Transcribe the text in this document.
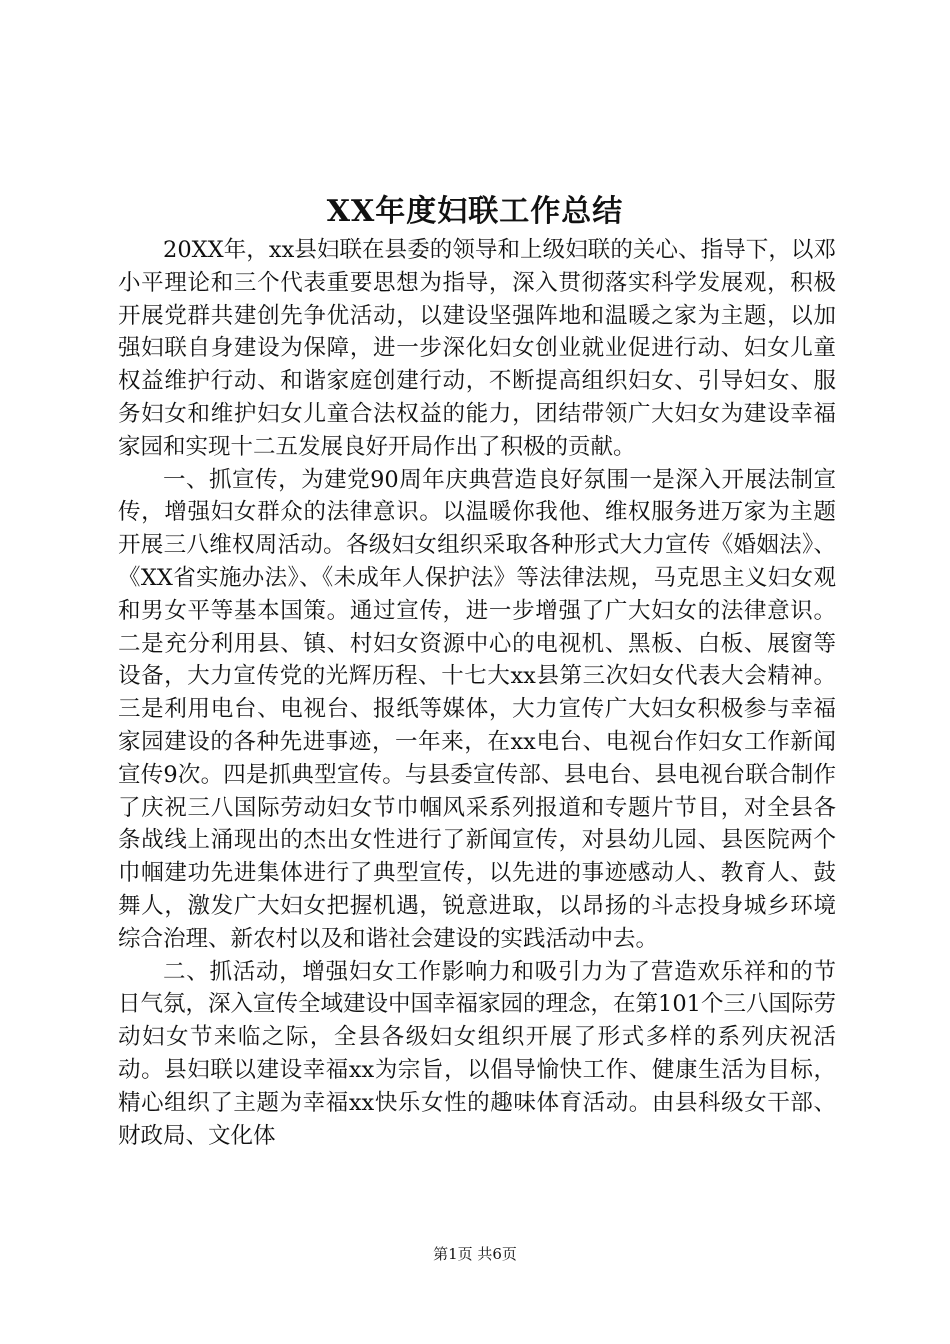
XX年度妇联工作总结

20XX年，xx县妇联在县委的领导和上级妇联的关心、指导下，以邓小平理论和三个代表重要思想为指导，深入贯彻落实科学发展观，积极开展党群共建创先争优活动，以建设坚强阵地和温暖之家为主题，以加强妇联自身建设为保障，进一步深化妇女创业就业促进行动、妇女儿童权益维护行动、和谐家庭创建行动，不断提高组织妇女、引导妇女、服务妇女和维护妇女儿童合法权益的能力，团结带领广大妇女为建设幸福家园和实现十二五发展良好开局作出了积极的贡献。

一、抓宣传，为建党90周年庆典营造良好氛围一是深入开展法制宣传，增强妇女群众的法律意识。以温暖你我他、维权服务进万家为主题开展三八维权周活动。各级妇女组织采取各种形式大力宣传《婚姻法》、《XX省实施办法》、《未成年人保护法》等法律法规，马克思主义妇女观和男女平等基本国策。通过宣传，进一步增强了广大妇女的法律意识。二是充分利用县、镇、村妇女资源中心的电视机、黑板、白板、展窗等设备，大力宣传党的光辉历程、十七大xx县第三次妇女代表大会精神。三是利用电台、电视台、报纸等媒体，大力宣传广大妇女积极参与幸福家园建设的各种先进事迹，一年来，在xx电台、电视台作妇女工作新闻宣传9次。四是抓典型宣传。与县委宣传部、县电台、县电视台联合制作了庆祝三八国际劳动妇女节巾帼风采系列报道和专题片节目，对全县各条战线上涌现出的杰出女性进行了新闻宣传，对县幼儿园、县医院两个巾帼建功先进集体进行了典型宣传，以先进的事迹感动人、教育人、鼓舞人，激发广大妇女把握机遇，锐意进取，以昂扬的斗志投身城乡环境综合治理、新农村以及和谐社会建设的实践活动中去。

二、抓活动，增强妇女工作影响力和吸引力为了营造欢乐祥和的节日气氛，深入宣传全域建设中国幸福家园的理念，在第101个三八国际劳动妇女节来临之际，全县各级妇女组织开展了形式多样的系列庆祝活动。县妇联以建设幸福xx为宗旨，以倡导愉快工作、健康生活为目标，精心组织了主题为幸福xx快乐女性的趣味体育活动。由县科级女干部、财政局、文化体

第1页 共6页
